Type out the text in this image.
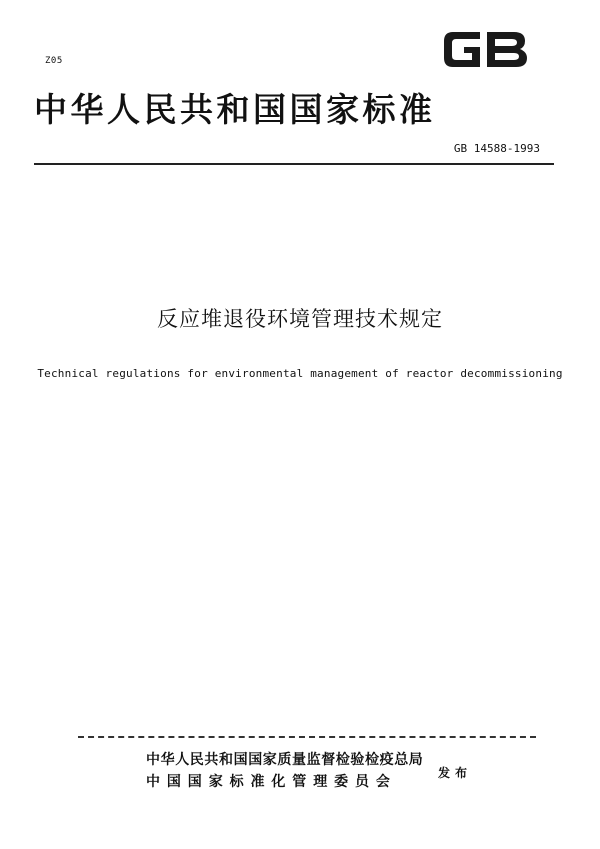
Z05
GB
中华人民共和国国家标准
GB 14588-1993
反应堆退役环境管理技术规定
Technical regulations for environmental management of reactor decommissioning
中华人民共和国国家质量监督检验检疫总局
中国国家标准化管理委员会
发布
